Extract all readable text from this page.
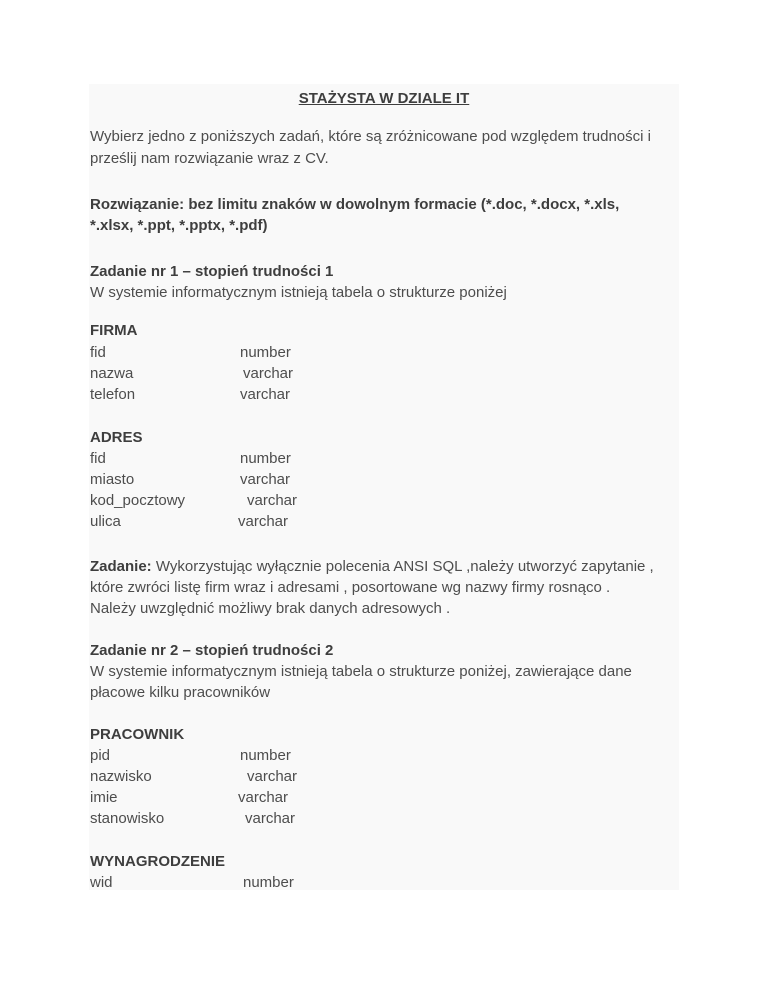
STAŻYSTA W DZIALE IT
Wybierz jedno z poniższych zadań, które są zróżnicowane pod względem trudności i
prześlij nam rozwiązanie wraz z CV.
Rozwiązanie: bez limitu znaków w dowolnym formacie (*.doc, *.docx, *.xls,
*.xlsx, *.ppt, *.pptx, *.pdf)
Zadanie nr 1 – stopień trudności 1
W systemie informatycznym istnieją tabela o strukturze poniżej
FIRMA
fid	number
nazwa	varchar
telefon	varchar
ADRES
fid	number
miasto	varchar
kod_pocztowy	varchar
ulica	varchar
Zadanie: Wykorzystując wyłącznie polecenia ANSI SQL ,należy utworzyć zapytanie ,
które zwróci listę firm wraz i adresami , posortowane wg nazwy firmy rosnąco .
Należy uwzględnić możliwy brak danych adresowych .
Zadanie nr 2 – stopień trudności 2
W systemie informatycznym istnieją tabela o strukturze poniżej, zawierające dane
płacowe kilku pracowników
PRACOWNIK
pid	number
nazwisko	varchar
imie	varchar
stanowisko	varchar
WYNAGRODZENIE
wid	number
